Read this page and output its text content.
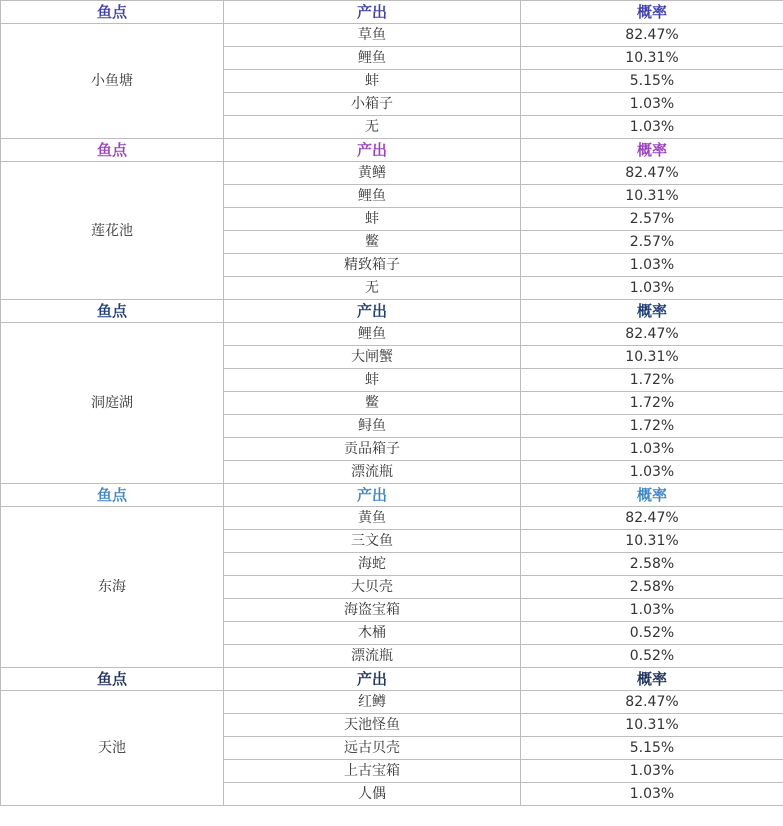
鱼点	产出	概率
小鱼塘	草鱼	82.47%
	鲤鱼	10.31%
	蚌	5.15%
	小箱子	1.03%
	无	1.03%
鱼点	产出	概率
莲花池	黄鳝	82.47%
	鲤鱼	10.31%
	蚌	2.57%
	鳖	2.57%
	精致箱子	1.03%
	无	1.03%
鱼点	产出	概率
洞庭湖	鲤鱼	82.47%
	大闸蟹	10.31%
	蚌	1.72%
	鳖	1.72%
	鲟鱼	1.72%
	贡品箱子	1.03%
	漂流瓶	1.03%
鱼点	产出	概率
东海	黄鱼	82.47%
	三文鱼	10.31%
	海蛇	2.58%
	大贝壳	2.58%
	海盗宝箱	1.03%
	木桶	0.52%
	漂流瓶	0.52%
鱼点	产出	概率
天池	红鳟	82.47%
	天池怪鱼	10.31%
	远古贝壳	5.15%
	上古宝箱	1.03%
	人偶	1.03%
